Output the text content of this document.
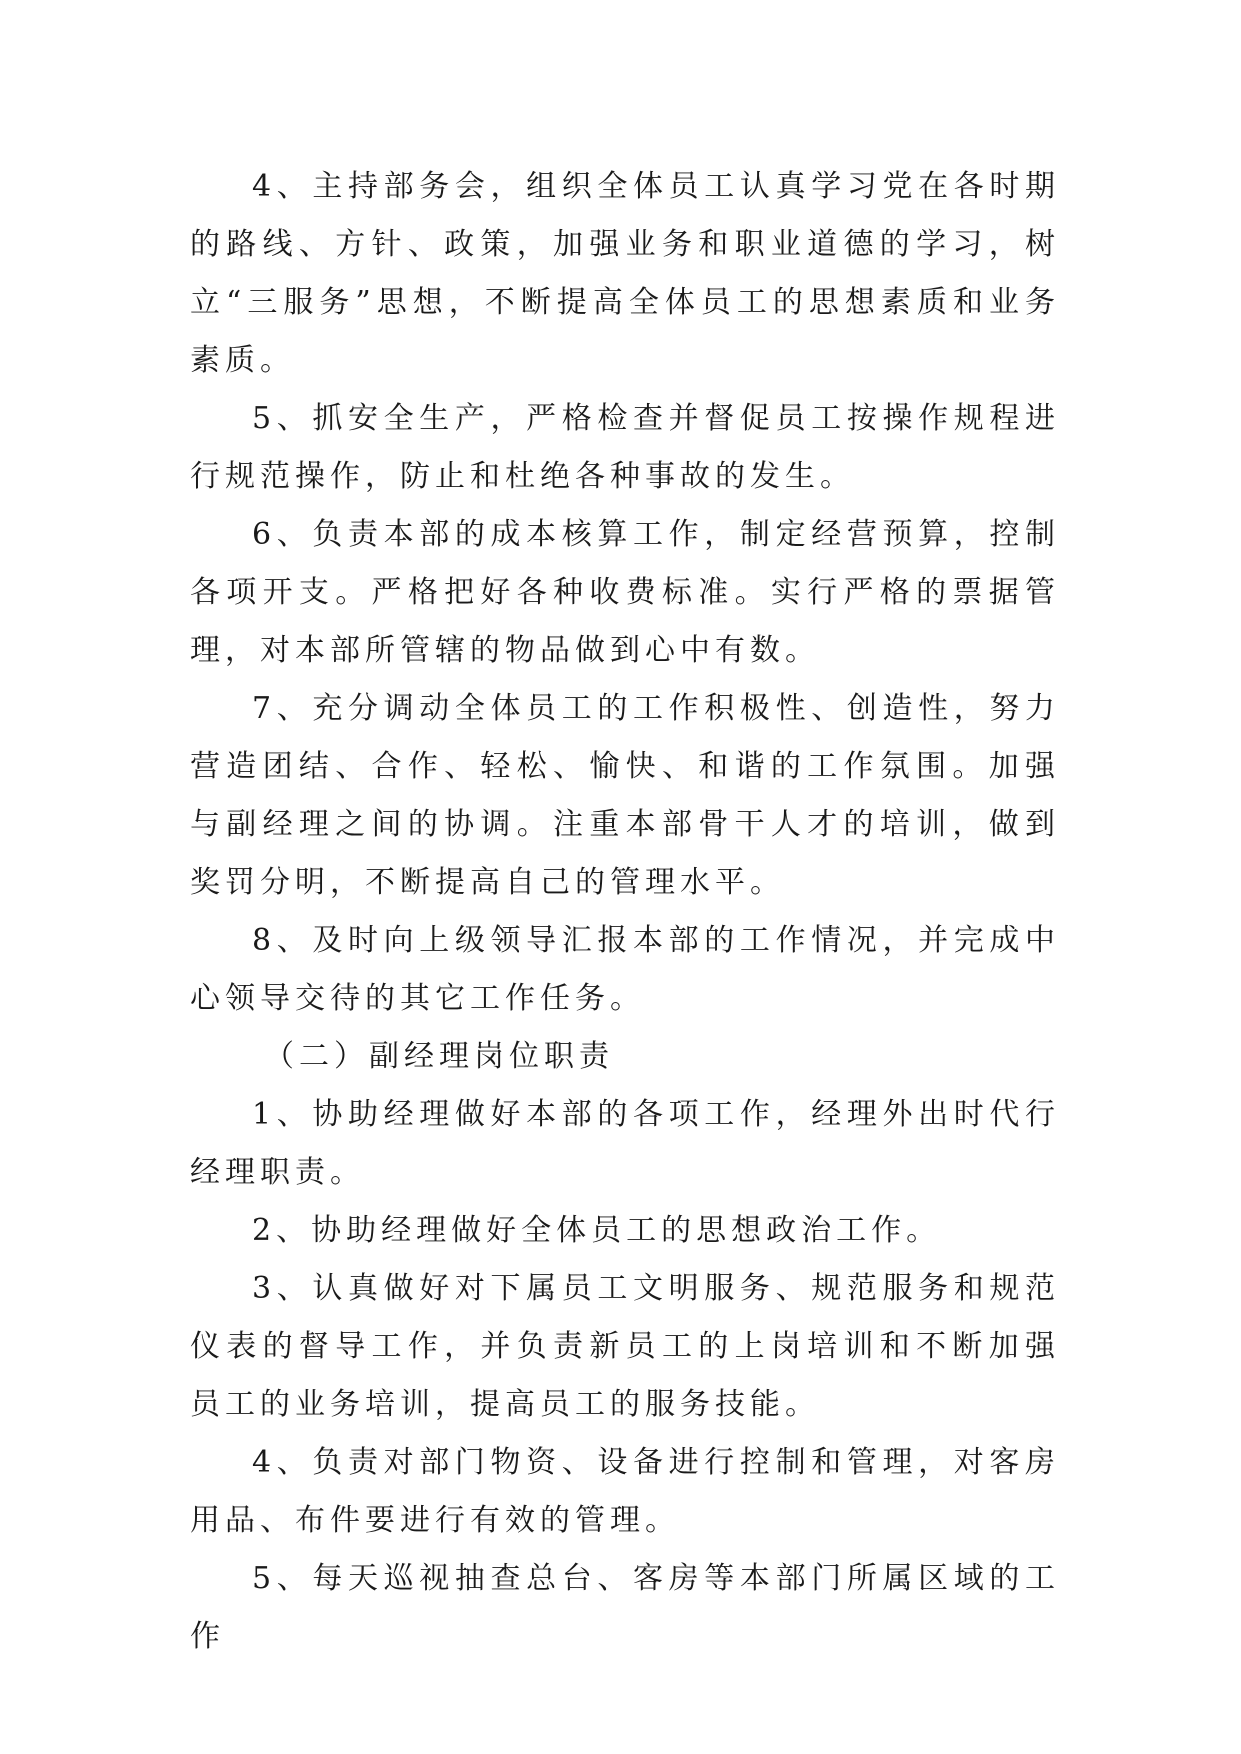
4、主持部务会，组织全体员工认真学习党在各时期的路线、方针、政策，加强业务和职业道德的学习，树立“三服务”思想，不断提高全体员工的思想素质和业务素质。

5、抓安全生产，严格检查并督促员工按操作规程进行规范操作，防止和杜绝各种事故的发生。

6、负责本部的成本核算工作，制定经营预算，控制各项开支。严格把好各种收费标准。实行严格的票据管理，对本部所管辖的物品做到心中有数。

7、充分调动全体员工的工作积极性、创造性，努力营造团结、合作、轻松、愉快、和谐的工作氛围。加强与副经理之间的协调。注重本部骨干人才的培训，做到奖罚分明，不断提高自己的管理水平。

8、及时向上级领导汇报本部的工作情况，并完成中心领导交待的其它工作任务。

（二）副经理岗位职责

1、协助经理做好本部的各项工作，经理外出时代行经理职责。

2、协助经理做好全体员工的思想政治工作。

3、认真做好对下属员工文明服务、规范服务和规范仪表的督导工作，并负责新员工的上岗培训和不断加强员工的业务培训，提高员工的服务技能。

4、负责对部门物资、设备进行控制和管理，对客房用品、布件要进行有效的管理。

5、每天巡视抽查总台、客房等本部门所属区域的工作
